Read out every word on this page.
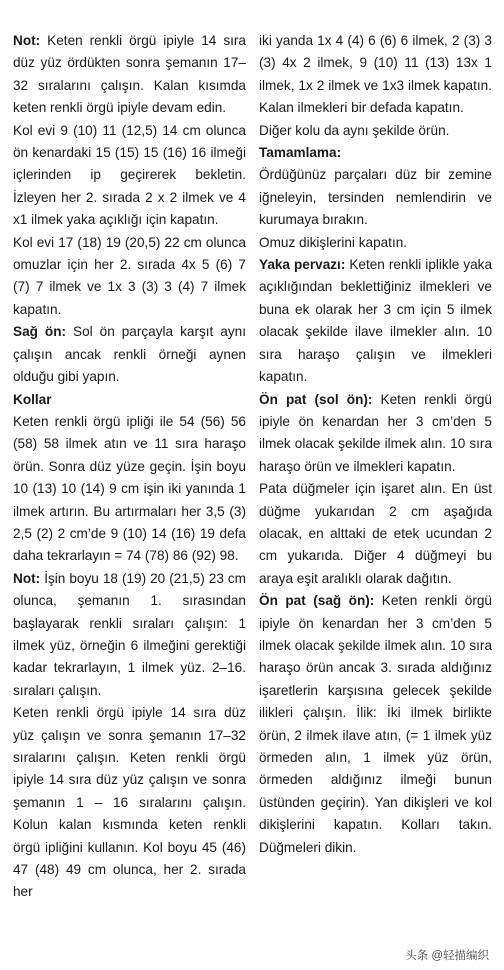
Not: Keten renkli örgü ipiyle 14 sıra düz yüz ördükten sonra şemanın 17–32 sıralarını çalışın. Kalan kısımda keten renkli örgü ipiyle devam edin.

Kol evi 9 (10) 11 (12,5) 14 cm olunca ön kenardaki 15 (15) 15 (16) 16 ilmeği içlerinden ip geçirerek bekletin. İzleyen her 2. sırada 2 x 2 ilmek ve 4 x1 ilmek yaka açıklığı için kapatın.

Kol evi 17 (18) 19 (20,5) 22 cm olunca omuzlar için her 2. sırada 4x 5 (6) 7 (7) 7 ilmek ve 1x 3 (3) 3 (4) 7 ilmek kapatın.

Sağ ön: Sol ön parçayla karşıt aynı çalışın ancak renkli örneği aynen olduğu gibi yapın.

Kollar

Keten renkli örgü ipliği ile 54 (56) 56 (58) 58 ilmek atın ve 11 sıra haraşo örün. Sonra düz yüze geçin. İşin boyu 10 (13) 10 (14) 9 cm işin iki yanında 1 ilmek artırın. Bu artırmaları her 3,5 (3) 2,5 (2) 2 cm’de 9 (10) 14 (16) 19 defa daha tekrarlayın = 74 (78) 86 (92) 98.

Not: İşin boyu 18 (19) 20 (21,5) 23 cm olunca, şemanın 1. sırasından başlayarak renkli sıraları çalışın: 1 ilmek yüz, örneğin 6 ilmeğini gerektiği kadar tekrarlayın, 1 ilmek yüz. 2–16. sıraları çalışın.

Keten renkli örgü ipiyle 14 sıra düz yüz çalışın ve sonra şemanın 17–32 sıralarını çalışın. Keten renkli örgü ipiyle 14 sıra düz yüz çalışın ve sonra şemanın 1 – 16 sıralarını çalışın. Kolun kalan kısmında keten renkli örgü ipliğini kullanın. Kol boyu 45 (46) 47 (48) 49 cm olunca, her 2. sırada her

iki yanda 1x 4 (4) 6 (6) 6 ilmek, 2 (3) 3 (3) 4x 2 ilmek, 9 (10) 11 (13) 13x 1 ilmek, 1x 2 ilmek ve 1x3 ilmek kapatın. Kalan ilmekleri bir defada kapatın.

Diğer kolu da aynı şekilde örün.

Tamamlama:

Ördüğünüz parçaları düz bir zemine iğneleyin, tersinden nemlendirin ve kurumaya bırakın.

Omuz dikişlerini kapatın.

Yaka pervazı: Keten renkli iplikle yaka açıklığından beklettiğiniz ilmekleri ve buna ek olarak her 3 cm için 5 ilmek olacak şekilde ilave ilmekler alın. 10 sıra haraşo çalışın ve ilmekleri kapatın.

Ön pat (sol ön): Keten renkli örgü ipiyle ön kenardan her 3 cm’den 5 ilmek olacak şekilde ilmek alın. 10 sıra haraşo örün ve ilmekleri kapatın.

Pata düğmeler için işaret alın. En üst düğme yukarıdan 2 cm aşağıda olacak, en alttaki de etek ucundan 2 cm yukarıda. Diğer 4 düğmeyi bu araya eşit aralıklı olarak dağıtın.

Ön pat (sağ ön): Keten renkli örgü ipiyle ön kenardan her 3 cm’den 5 ilmek olacak şekilde ilmek alın. 10 sıra haraşo örün ancak 3. sırada aldığınız işaretlerin karşısına gelecek şekilde ilikleri çalışın. İlik: İki ilmek birlikte örün, 2 ilmek ilave atın, (= 1 ilmek yüz örmeden alın, 1 ilmek yüz örün, örmeden aldığınız ilmeği bunun üstünden geçirin). Yan dikişleri ve kol dikişlerini kapatın. Kolları takın. Düğmeleri dikin.

头条 @轻描编织
